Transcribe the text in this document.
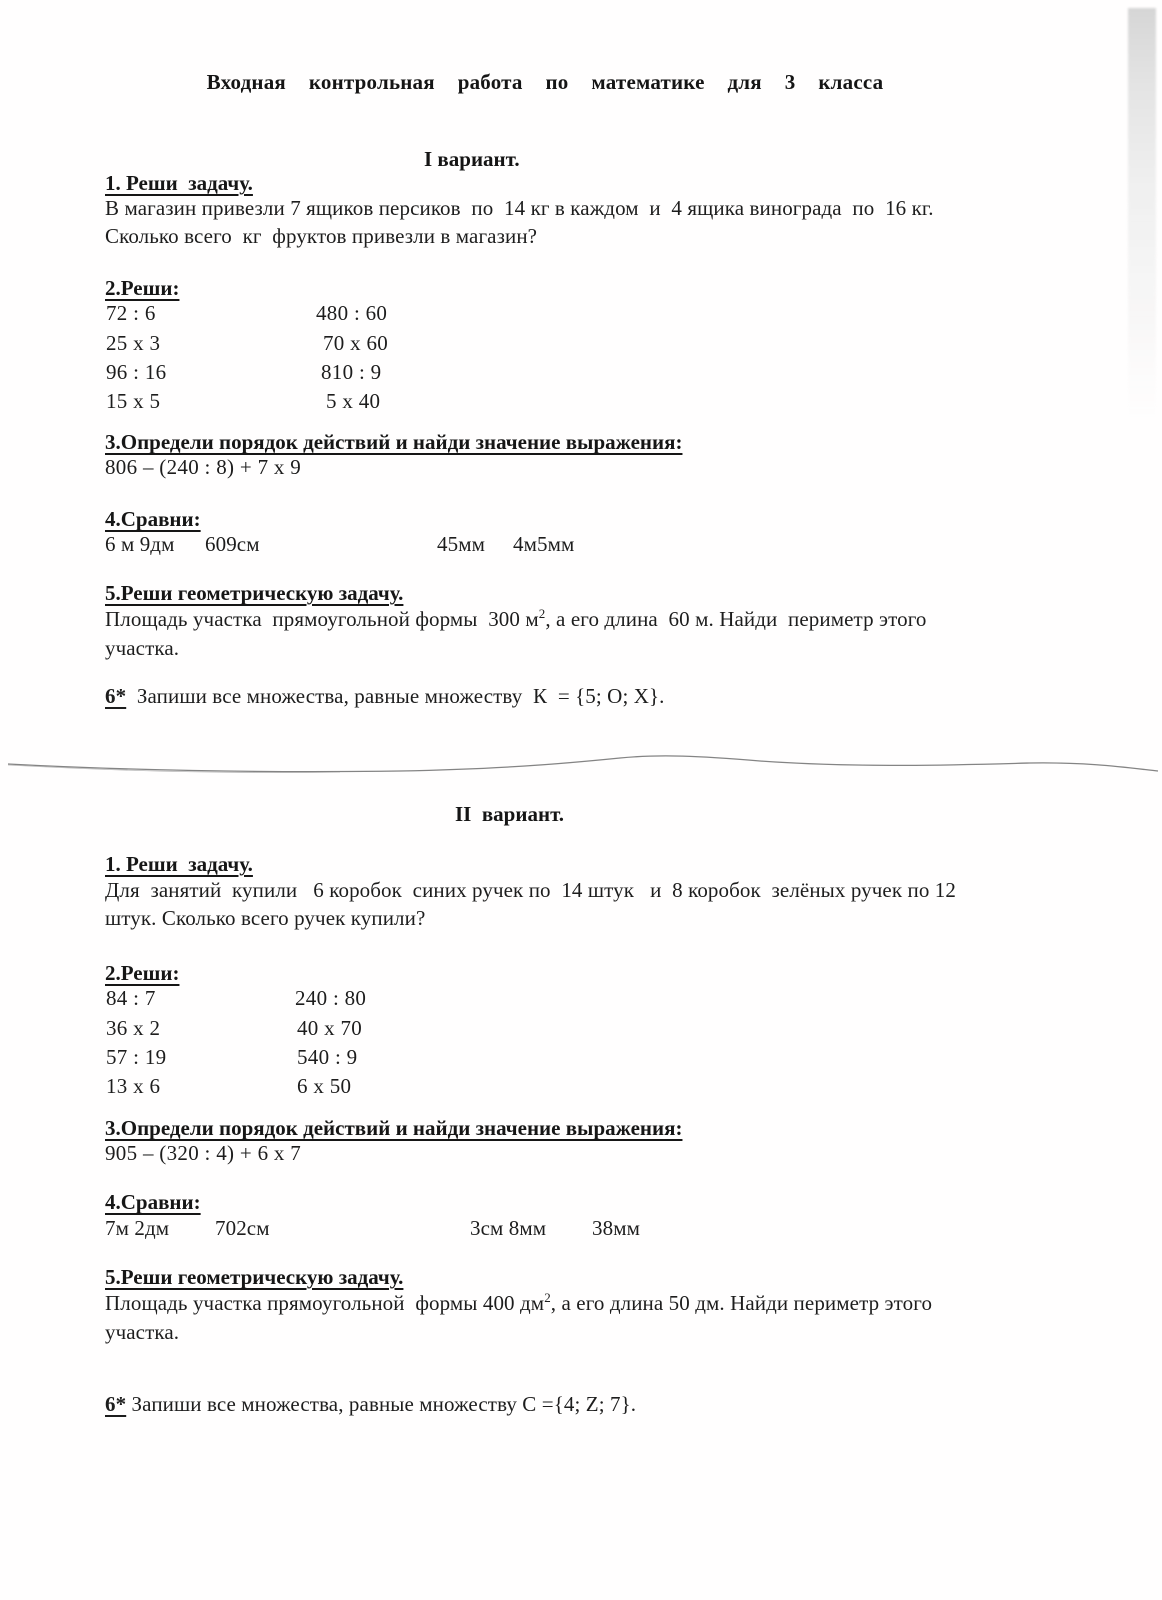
Входная  контрольная  работа  по  математике  для  3  класса
I вариант.
1. Реши  задачу.
В магазин привезли 7 ящиков персиков  по  14 кг в каждом  и  4 ящика винограда  по  16 кг.
Сколько всего  кг  фруктов привезли в магазин?
2.Реши:
72 : 6
25 x 3
96 : 16
15 x 5
480 : 60
70 x 60
810 : 9
5 x 40
3.Определи порядок действий и найди значение выражения:
806 – (240 : 8) + 7 x 9
4.Сравни:
6 м 9дм 609см	45мм 4м5мм
5.Реши геометрическую задачу.
Площадь участка  прямоугольной формы  300 $м^2$, а его длина  60 м. Найди  периметр этого
участка.
6*  Запиши все множества, равные множеству  К  = {5; О; Х}.
II  вариант.
1. Реши  задачу.
Для  занятий  купили   6 коробок  синих ручек по  14 штук   и  8 коробок  зелёных ручек по 12
штук. Сколько всего ручек купили?
2.Реши:
84 : 7
36 x 2
57 : 19
13 x 6
240 : 80
40 x 70
540 : 9
6 x 50
3.Определи порядок действий и найди значение выражения:
905 – (320 : 4) + 6 x 7
4.Сравни:
7м 2дм 702см	3см 8мм 38мм
5.Реши геометрическую задачу.
Площадь участка прямоугольной  формы 400 $дм^2$, а его длина 50 дм. Найди периметр этого
участка.
6* Запиши все множества, равные множеству С ={4; Z; 7}.
